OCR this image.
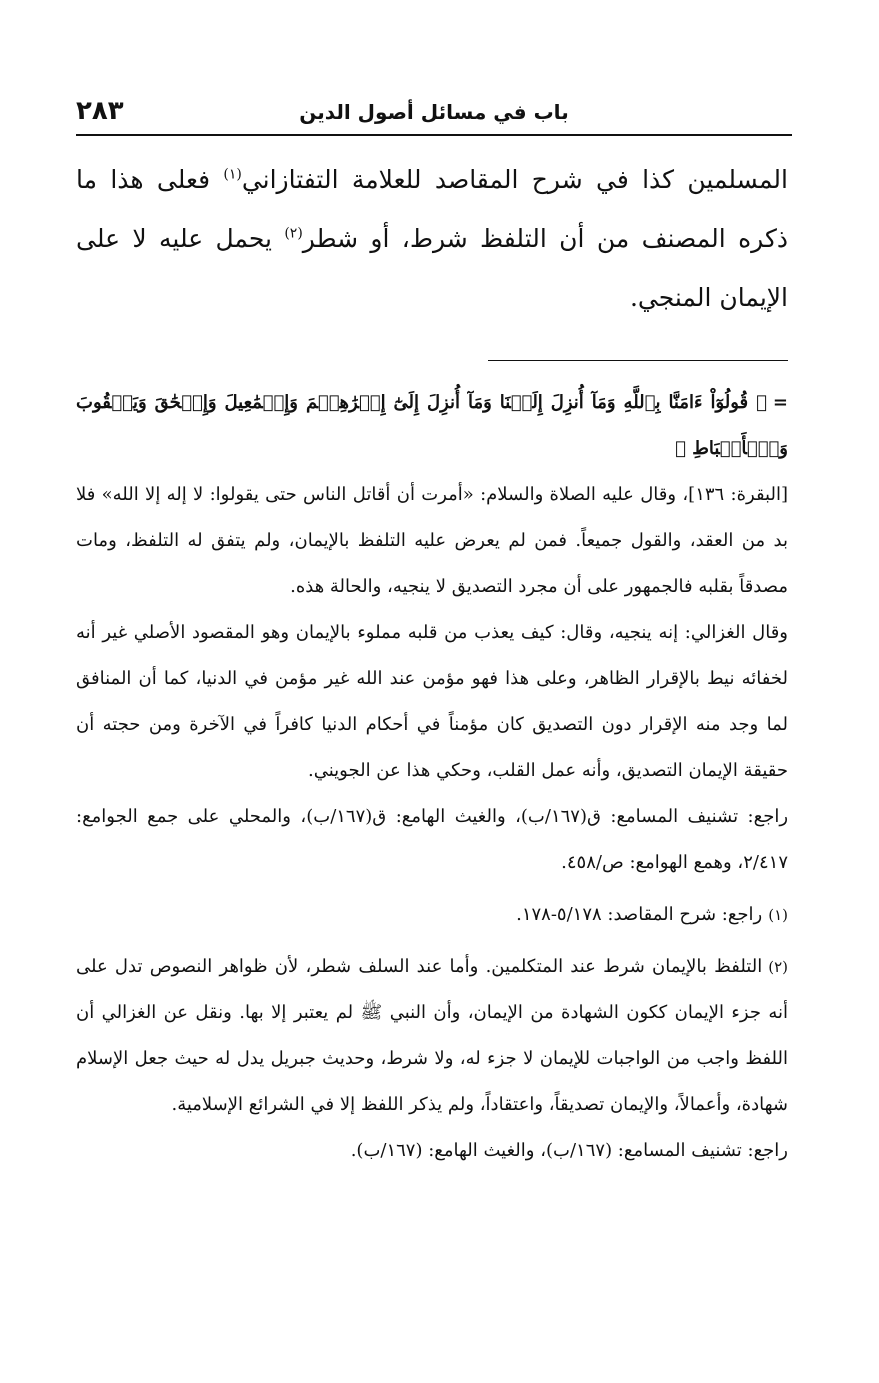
٢٨٣	باب في مسائل أصول الدين

المسلمين كذا في شرح المقاصد للعلامة التفتازاني$^{(١)}$ فعلى هذا ما ذكره المصنف من أن التلفظ شرط، أو شطر$^{(٢)}$ يحمل عليه لا على الإيمان المنجي.

=﴿ قُولُوٓاْ ءَامَنَّا بِٱللَّهِ وَمَآ أُنزِلَ إِلَيۡنَا وَمَآ أُنزِلَ إِلَىٰٓ إِبۡرَٰهِـۧمَ وَإِسۡمَٰعِيلَ وَإِسۡحَٰقَ وَيَعۡقُوبَ وَٱلۡأَسۡبَاطِ ﴾

[البقرة: ١٣٦]، وقال عليه الصلاة والسلام: «أمرت أن أقاتل الناس حتى يقولوا: لا إله إلا الله» فلا بد من العقد، والقول جميعاً. فمن لم يعرض عليه التلفظ بالإيمان، ولم يتفق له التلفظ، ومات مصدقاً بقلبه فالجمهور على أن مجرد التصديق لا ينجيه، والحالة هذه.

وقال الغزالي: إنه ينجيه، وقال: كيف يعذب من قلبه مملوء بالإيمان وهو المقصود الأصلي غير أنه لخفائه نيط بالإقرار الظاهر، وعلى هذا فهو مؤمن عند الله غير مؤمن في الدنيا، كما أن المنافق لما وجد منه الإقرار دون التصديق كان مؤمناً في أحكام الدنيا كافراً في الآخرة ومن حجته أن حقيقة الإيمان التصديق، وأنه عمل القلب، وحكي هذا عن الجويني.

راجع: تشنيف المسامع: ق(١٦٧/ب)، والغيث الهامع: ق(١٦٧/ب)، والمحلي على جمع الجوامع: ٢/٤١٧، وهمع الهوامع: ص/٤٥٨.

(١)راجع: شرح المقاصد: ٥/١٧٨-١٧٨.

(٢)التلفظ بالإيمان شرط عند المتكلمين. وأما عند السلف شطر، لأن ظواهر النصوص تدل على أنه جزء الإيمان ككون الشهادة من الإيمان، وأن النبي ﷺ لم يعتبر إلا بها. ونقل عن الغزالي أن اللفظ واجب من الواجبات للإيمان لا جزء له، ولا شرط، وحديث جبريل يدل له حيث جعل الإسلام شهادة، وأعمالاً، والإيمان تصديقاً، واعتقاداً، ولم يذكر اللفظ إلا في الشرائع الإسلامية.

راجع: تشنيف المسامع: (١٦٧/ب)، والغيث الهامع: (١٦٧/ب).
